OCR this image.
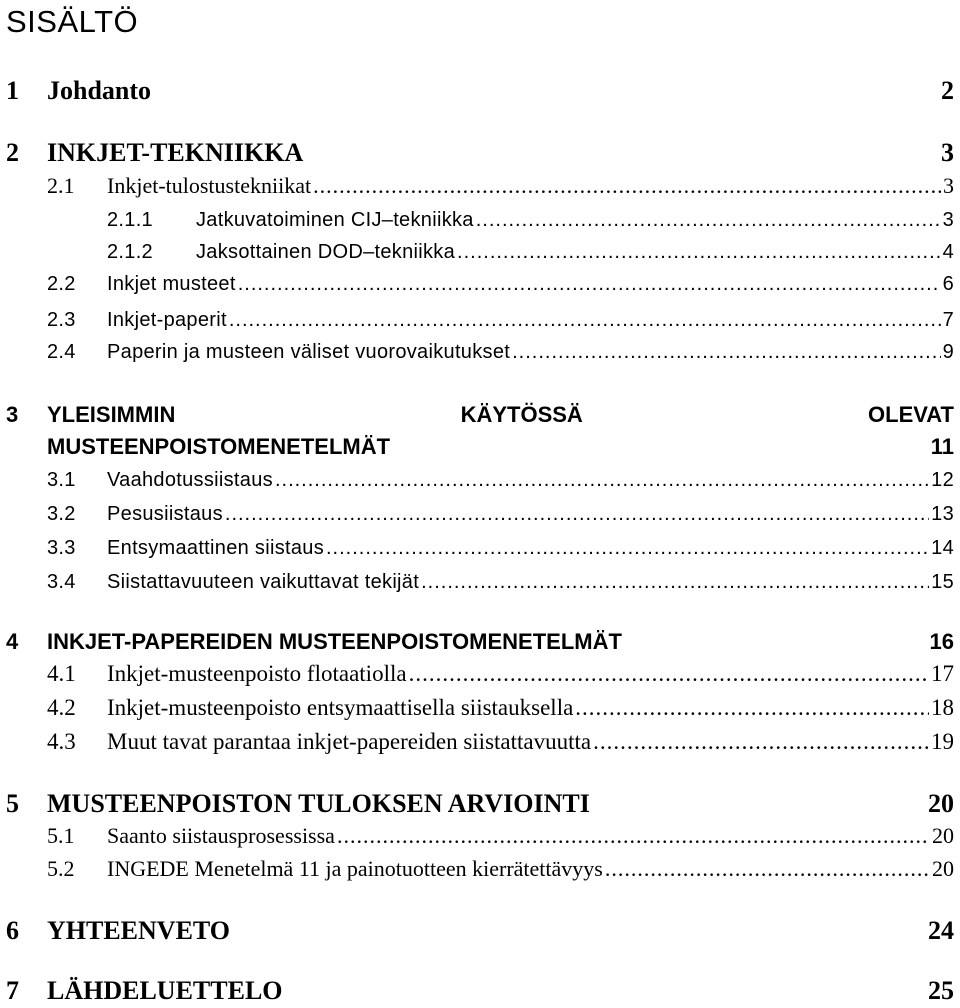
SISÄLTÖ
1 Johdanto	2
2 INKJET-TEKNIIKKA	3
2.1 Inkjet-tulostustekniikat .....	3
2.1.1 Jatkuvatoiminen CIJ–tekniikka .....	3
2.1.2 Jaksottainen DOD–tekniikka .....	4
2.2 Inkjet musteet .....	6
2.3 Inkjet-paperit .....	7
2.4 Paperin ja musteen väliset vuorovaikutukset .....	9
3 YLEISIMMIN	KÄYTÖSSÄ	OLEVAT
MUSTEENPOISTOMENETELMÄT	11
3.1 Vaahdotussiistaus .....	12
3.2 Pesusiistaus .....	13
3.3 Entsymaattinen siistaus .....	14
3.4 Siistattavuuteen vaikuttavat tekijät .....	15
4 INKJET-PAPEREIDEN MUSTEENPOISTOMENETELMÄT	16
4.1 Inkjet-musteenpoisto flotaatiolla .....	17
4.2 Inkjet-musteenpoisto entsymaattisella siistauksella .....	18
4.3 Muut tavat parantaa inkjet-papereiden siistattavuutta .....	19
5 MUSTEENPOISTON TULOKSEN ARVIOINTI	20
5.1 Saanto siistausprosessissa .....	20
5.2 INGEDE Menetelmä 11 ja painotuotteen kierrätettävyys .....	20
6 YHTEENVETO	24
7 LÄHDELUETTELO	25
